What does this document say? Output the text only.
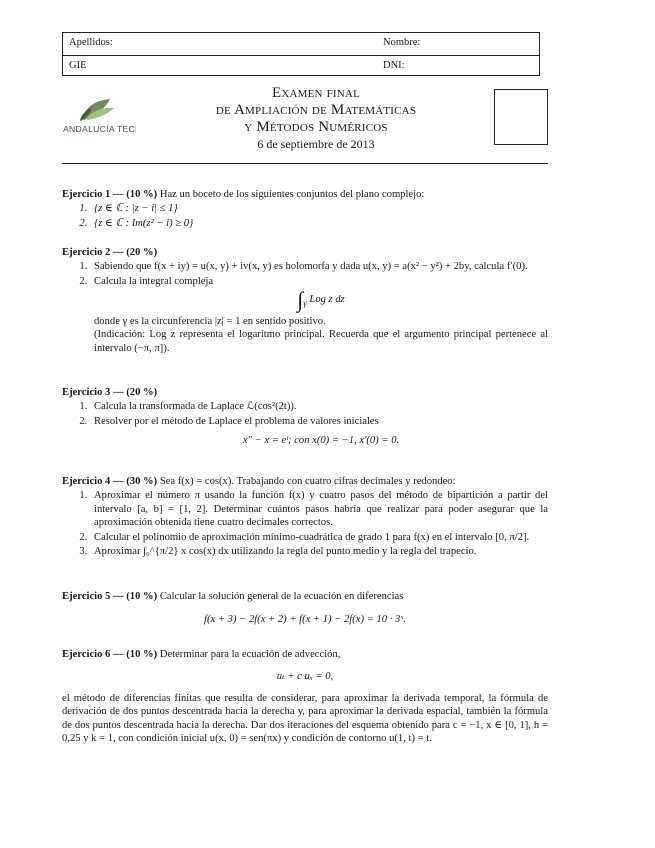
Apellidos:	Nombre:
GIE	DNI:
ANDALUCÍA TECH
Examen final
de Ampliación de Matemáticas
y Métodos Numéricos
6 de septiembre de 2013
Ejercicio 1 — (10 %) Haz un boceto de los siguientes conjuntos del plano complejo:
1. {z ∈ ℂ : |z − i| ≤ 1}
2. {z ∈ ℂ : Im(z² − i) ≥ 0}
Ejercicio 2 — (20 %)
1. Sabiendo que f(x + iy) = u(x, y) + iv(x, y) es holomorfa y dada u(x, y) = a(x² − y²) + 2by, calcula f′(0).
2. Calcula la integral compleja
$\int_\gamma$ Log z dz
donde γ es la circunferencia |z| = 1 en sentido positivo.
(Indicación: Log z representa el logaritmo principal. Recuerda que el argumento principal pertenece al intervalo (−π, π]).
Ejercicio 3 — (20 %)
1. Calcula la transformada de Laplace ℒ(cos²(2t)).
2. Resolver por el método de Laplace el problema de valores iniciales
x″ − x = eᵗ; con x(0) = −1, x′(0) = 0.
Ejercicio 4 — (30 %) Sea f(x) = cos(x). Trabajando con cuatro cifras decimales y redondeo:
1. Aproximar el número π usando la función f(x) y cuatro pasos del método de bipartición a partir del intervalo [a, b] = [1, 2]. Determinar cuántos pasos habría que realizar para poder asegurar que la aproximación obtenida tiene cuatro decimales correctos.
2. Calcular el polinomio de aproximación mínimo-cuadrática de grado 1 para f(x) en el intervalo [0, π/2].
3. Aproximar ∫₀^{π/2} x cos(x) dx utilizando la regla del punto medio y la regla del trapecio.
Ejercicio 5 — (10 %) Calcular la solución general de la ecuación en diferencias
f(x + 3) − 2f(x + 2) + f(x + 1) − 2f(x) = 10 · 3ˣ.
Ejercicio 6 — (10 %) Determinar para la ecuación de advección,
uₜ + c uₓ = 0,
el método de diferencias finitas que resulta de considerar, para aproximar la derivada temporal, la fórmula de derivación de dos puntos descentrada hacia la derecha y, para aproximar la derivada espacial, también la fórmula de dos puntos descentrada hacia la derecha. Dar dos iteraciones del esquema obtenido para c = −1, x ∈ [0, 1], h = 0,25 y k = 1, con condición inicial u(x, 0) = sen(πx) y condición de contorno u(1, t) = t.
